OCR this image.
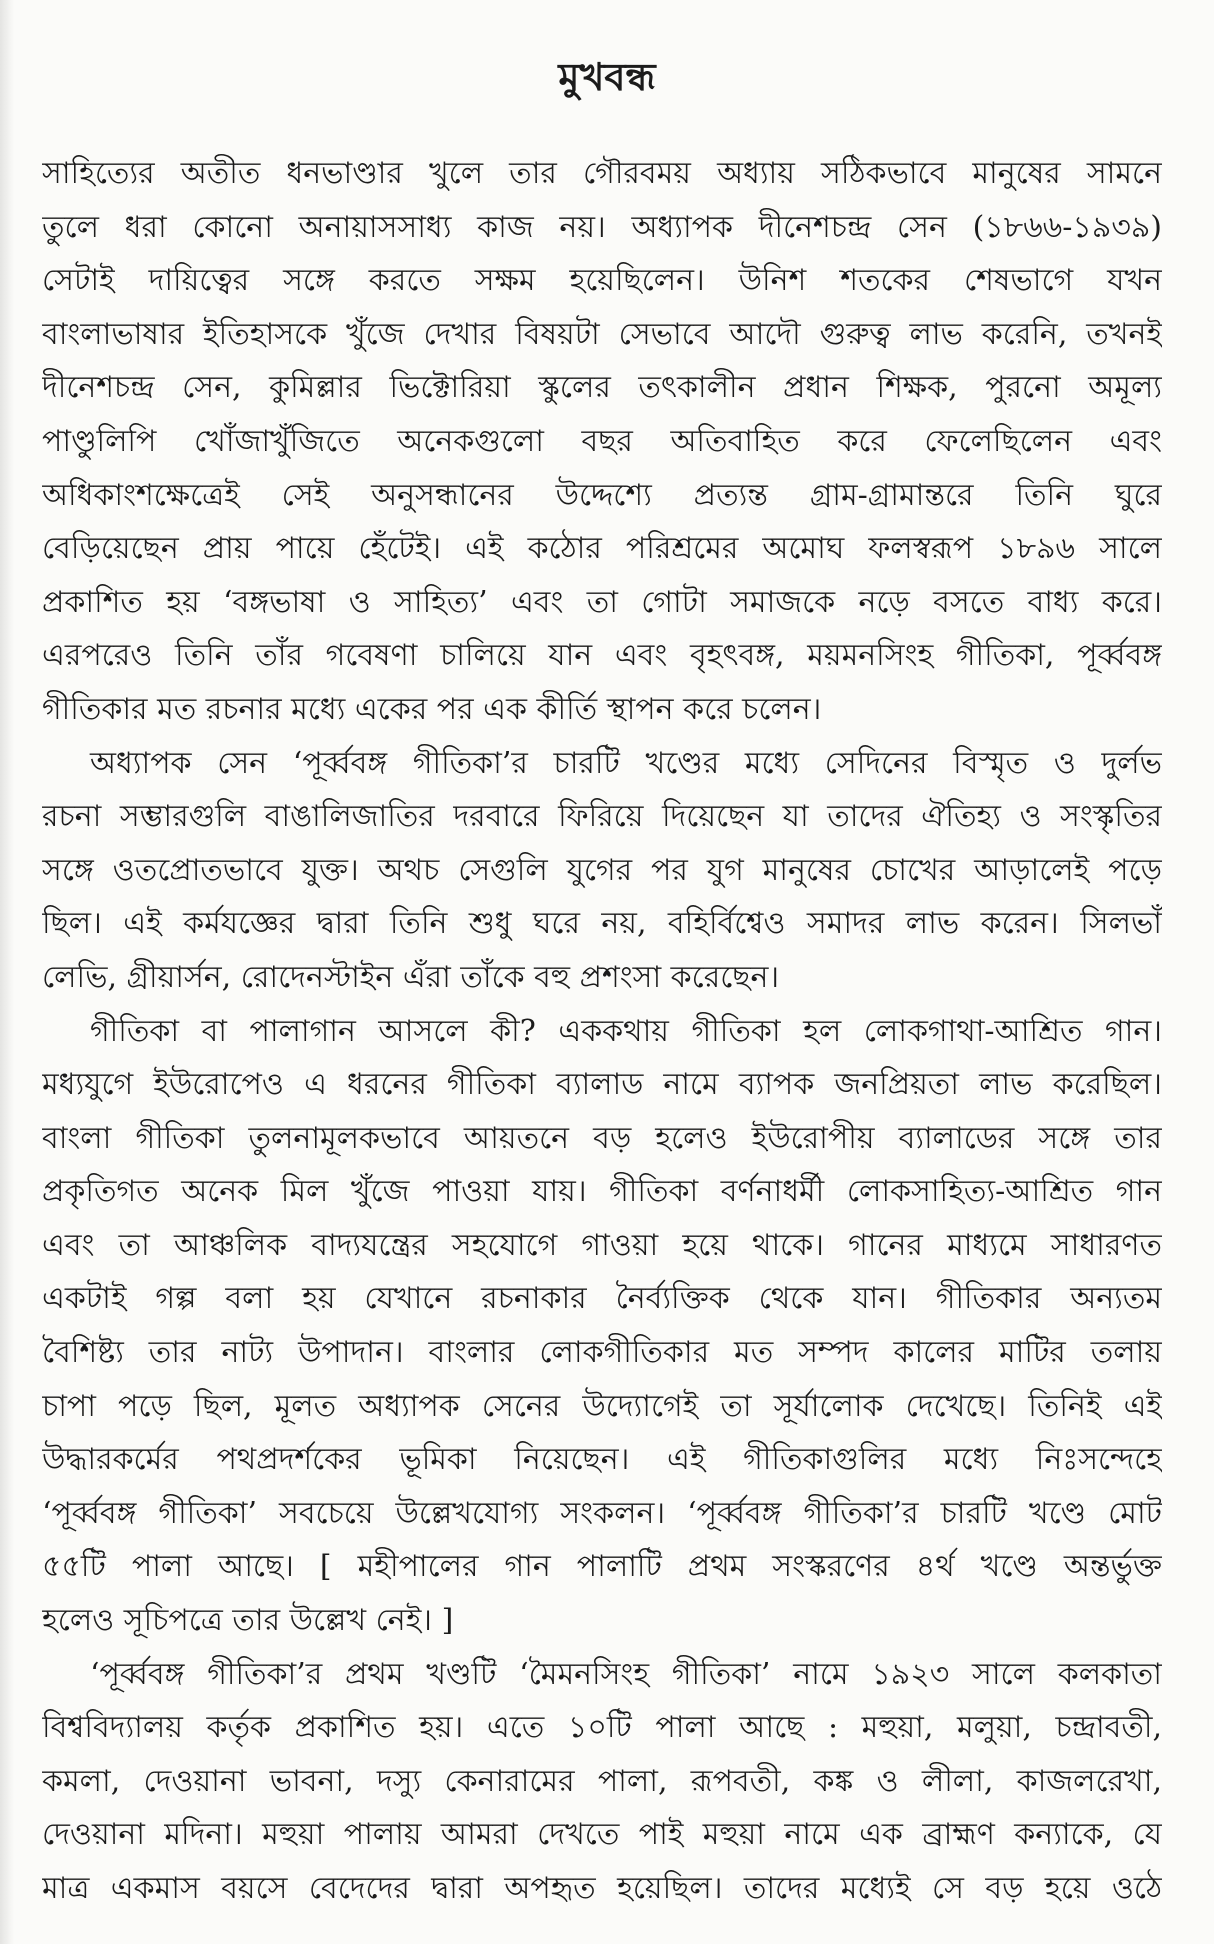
মুখবন্ধ
সাহিত্যের অতীত ধনভাণ্ডার খুলে তার গৌরবময় অধ্যায় সঠিকভাবে মানুষের সামনে
তুলে ধরা কোনো অনায়াসসাধ্য কাজ নয়। অধ্যাপক দীনেশচন্দ্র সেন (১৮৬৬-১৯৩৯)
সেটাই দায়িত্বের সঙ্গে করতে সক্ষম হয়েছিলেন। উনিশ শতকের শেষভাগে যখন
বাংলাভাষার ইতিহাসকে খুঁজে দেখার বিষয়টা সেভাবে আদৌ গুরুত্ব লাভ করেনি, তখনই
দীনেশচন্দ্র সেন, কুমিল্লার ভিক্টোরিয়া স্কুলের তৎকালীন প্রধান শিক্ষক, পুরনো অমূল্য
পাণ্ডুলিপি খোঁজাখুঁজিতে অনেকগুলো বছর অতিবাহিত করে ফেলেছিলেন এবং
অধিকাংশক্ষেত্রেই সেই অনুসন্ধানের উদ্দেশ্যে প্রত্যন্ত গ্রাম-গ্রামান্তরে তিনি ঘুরে
বেড়িয়েছেন প্রায় পায়ে হেঁটেই। এই কঠোর পরিশ্রমের অমোঘ ফলস্বরূপ ১৮৯৬ সালে
প্রকাশিত হয় ‘বঙ্গভাষা ও সাহিত্য’ এবং তা গোটা সমাজকে নড়ে বসতে বাধ্য করে।
এরপরেও তিনি তাঁর গবেষণা চালিয়ে যান এবং বৃহৎবঙ্গ, ময়মনসিংহ গীতিকা, পূর্ব্ববঙ্গ
গীতিকার মত রচনার মধ্যে একের পর এক কীর্তি স্থাপন করে চলেন।
অধ্যাপক সেন ‘পূর্ব্ববঙ্গ গীতিকা’র চারটি খণ্ডের মধ্যে সেদিনের বিস্মৃত ও দুর্লভ
রচনা সম্ভারগুলি বাঙালিজাতির দরবারে ফিরিয়ে দিয়েছেন যা তাদের ঐতিহ্য ও সংস্কৃতির
সঙ্গে ওতপ্রোতভাবে যুক্ত। অথচ সেগুলি যুগের পর যুগ মানুষের চোখের আড়ালেই পড়ে
ছিল। এই কর্মযজ্ঞের দ্বারা তিনি শুধু ঘরে নয়, বহির্বিশ্বেও সমাদর লাভ করেন। সিলভাঁ
লেভি, গ্রীয়ার্সন, রোদেনস্টাইন এঁরা তাঁকে বহু প্রশংসা করেছেন।
গীতিকা বা পালাগান আসলে কী? এককথায় গীতিকা হল লোকগাথা-আশ্রিত গান।
মধ্যযুগে ইউরোপেও এ ধরনের গীতিকা ব্যালাড নামে ব্যাপক জনপ্রিয়তা লাভ করেছিল।
বাংলা গীতিকা তুলনামূলকভাবে আয়তনে বড় হলেও ইউরোপীয় ব্যালাডের সঙ্গে তার
প্রকৃতিগত অনেক মিল খুঁজে পাওয়া যায়। গীতিকা বর্ণনাধর্মী লোকসাহিত্য-আশ্রিত গান
এবং তা আঞ্চলিক বাদ্যযন্ত্রের সহযোগে গাওয়া হয়ে থাকে। গানের মাধ্যমে সাধারণত
একটাই গল্প বলা হয় যেখানে রচনাকার নৈর্ব্যক্তিক থেকে যান। গীতিকার অন্যতম
বৈশিষ্ট্য তার নাট্য উপাদান। বাংলার লোকগীতিকার মত সম্পদ কালের মাটির তলায়
চাপা পড়ে ছিল, মূলত অধ্যাপক সেনের উদ্যোগেই তা সূর্যালোক দেখেছে। তিনিই এই
উদ্ধারকর্মের পথপ্রদর্শকের ভূমিকা নিয়েছেন। এই গীতিকাগুলির মধ্যে নিঃসন্দেহে
‘পূর্ব্ববঙ্গ গীতিকা’ সবচেয়ে উল্লেখযোগ্য সংকলন। ‘পূর্ব্ববঙ্গ গীতিকা’র চারটি খণ্ডে মোট
৫৫টি পালা আছে। [ মহীপালের গান পালাটি প্রথম সংস্করণের ৪র্থ খণ্ডে অন্তর্ভুক্ত
হলেও সূচিপত্রে তার উল্লেখ নেই। ]
‘পূর্ব্ববঙ্গ গীতিকা’র প্রথম খণ্ডটি ‘মৈমনসিংহ গীতিকা’ নামে ১৯২৩ সালে কলকাতা
বিশ্ববিদ্যালয় কর্তৃক প্রকাশিত হয়। এতে ১০টি পালা আছে : মহুয়া, মলুয়া, চন্দ্রাবতী,
কমলা, দেওয়ানা ভাবনা, দস্যু কেনারামের পালা, রূপবতী, কঙ্ক ও লীলা, কাজলরেখা,
দেওয়ানা মদিনা। মহুয়া পালায় আমরা দেখতে পাই মহুয়া নামে এক ব্রাহ্মণ কন্যাকে, যে
মাত্র একমাস বয়সে বেদেদের দ্বারা অপহৃত হয়েছিল। তাদের মধ্যেই সে বড় হয়ে ওঠে
